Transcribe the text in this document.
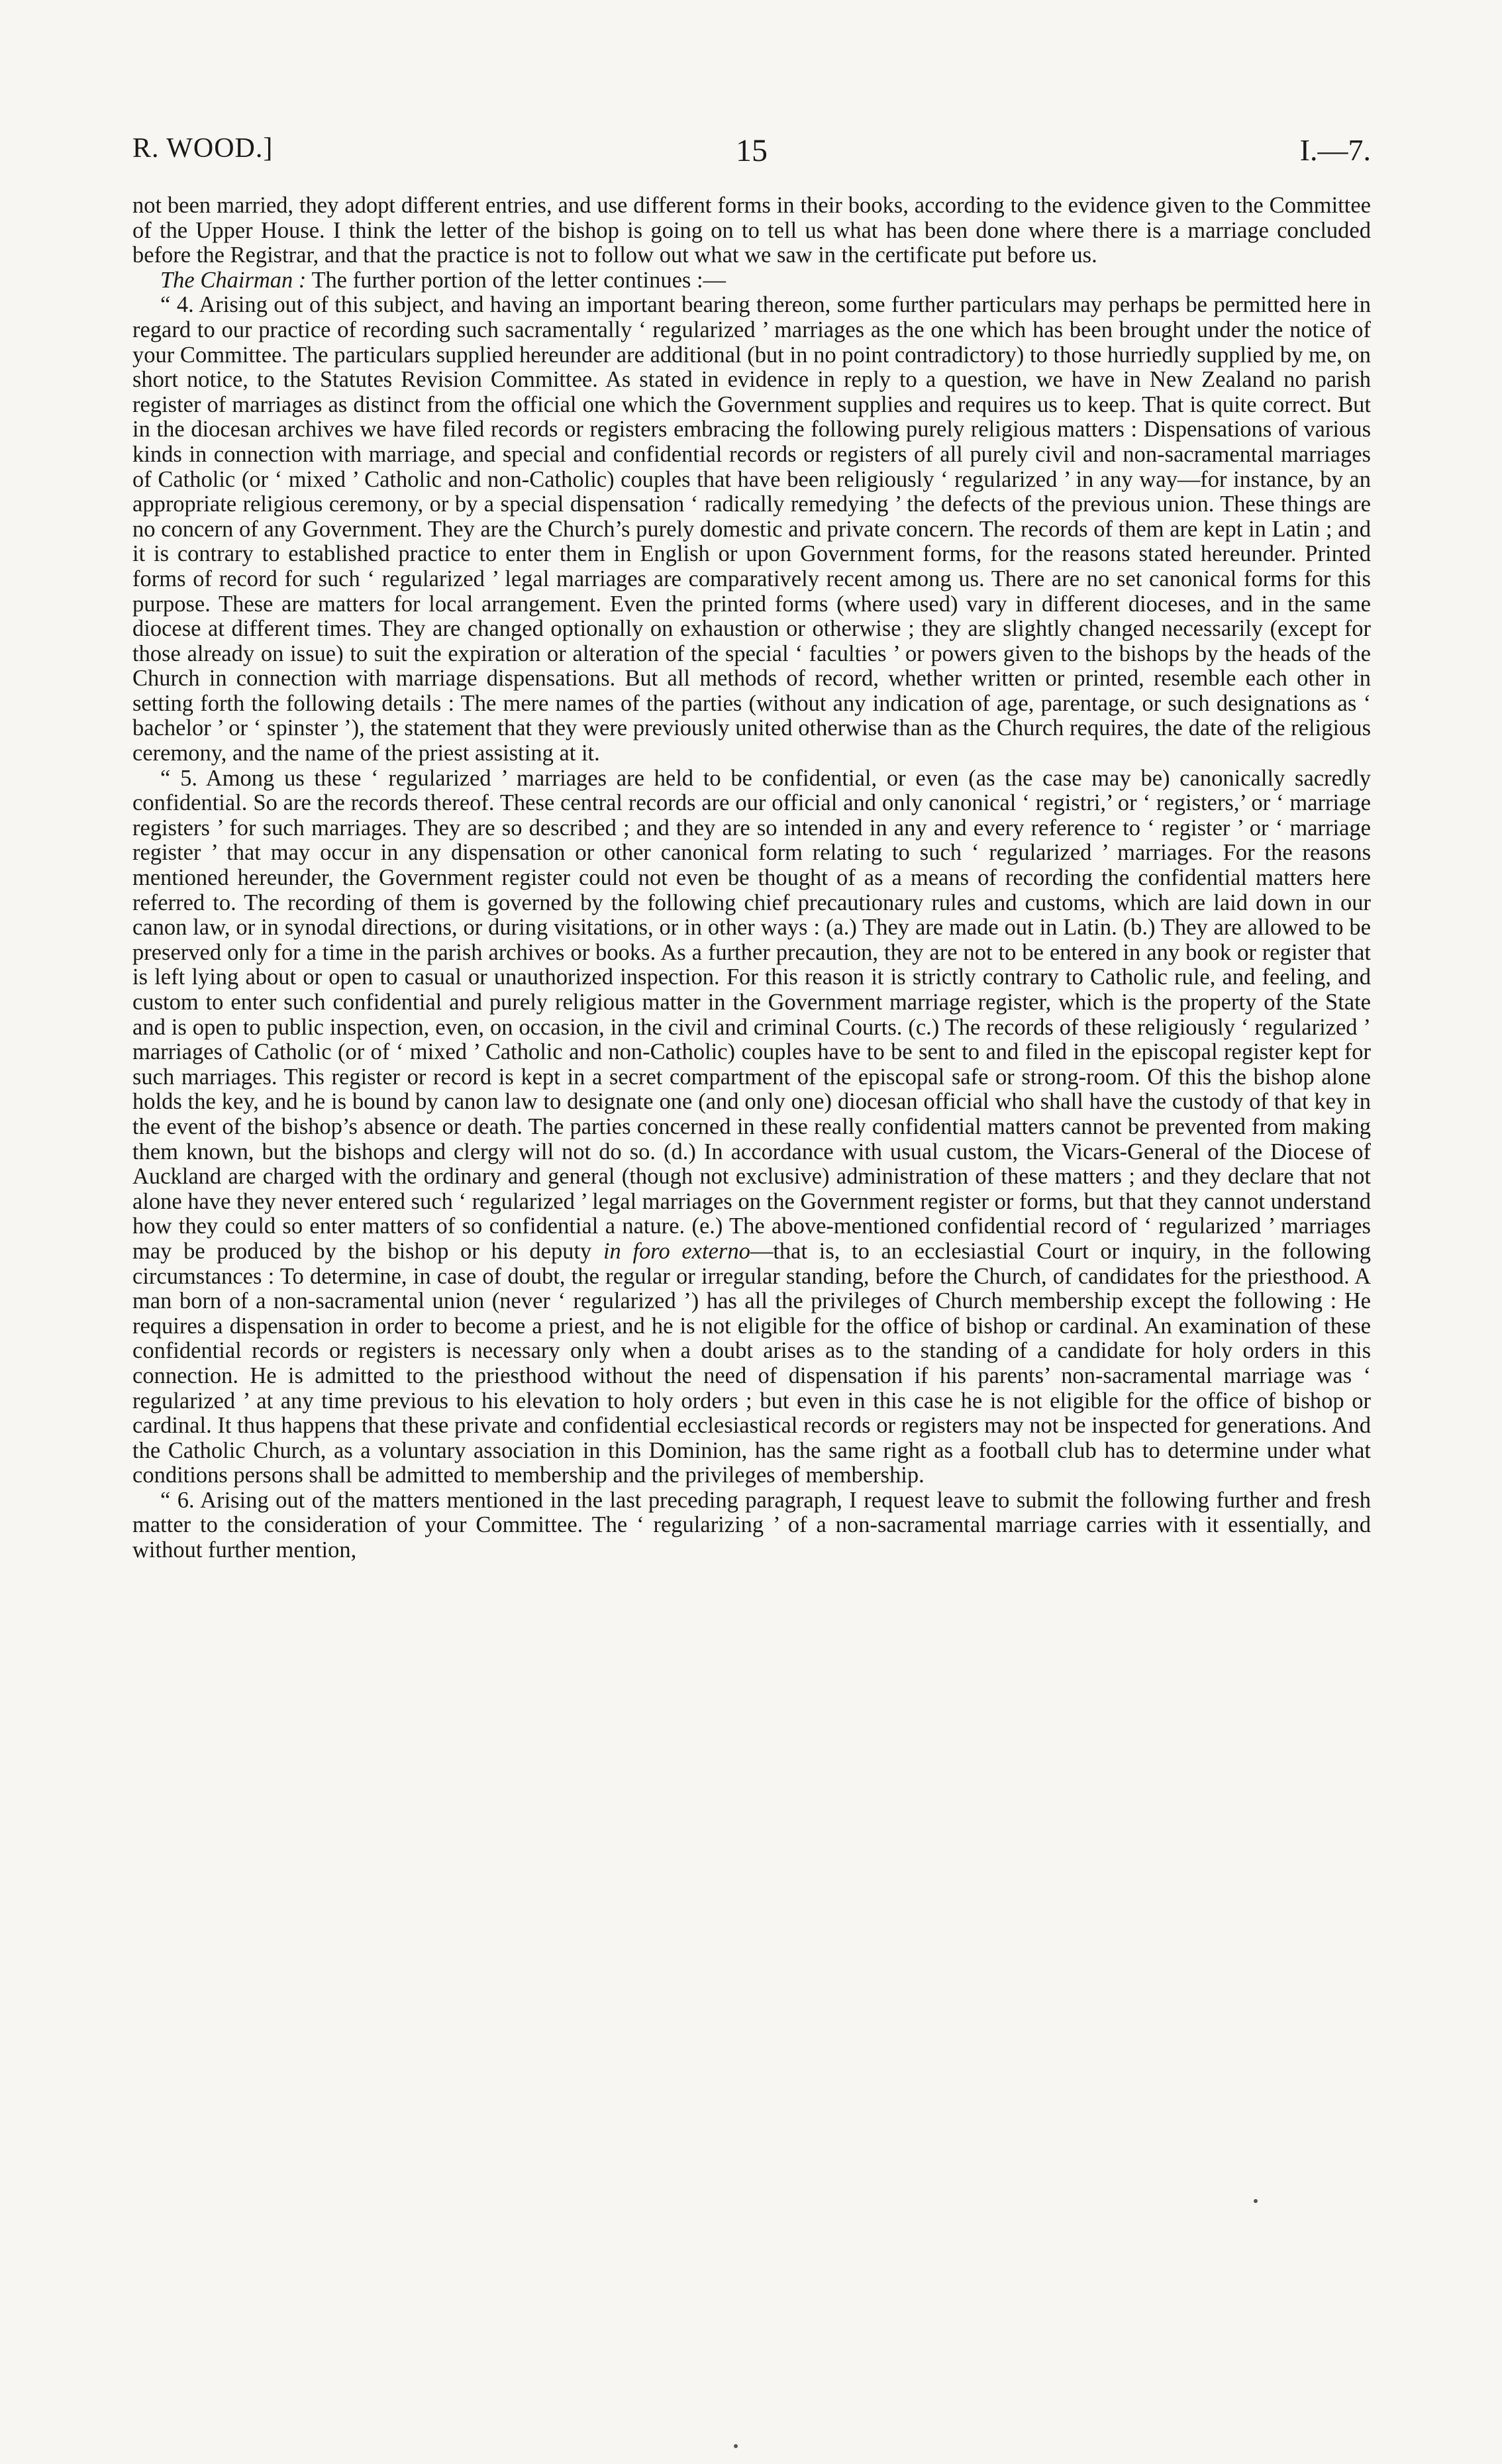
R. WOOD.]	15	I.—7.

not been married, they adopt different entries, and use different forms in their books, according to the evidence given to the Committee of the Upper House. I think the letter of the bishop is going on to tell us what has been done where there is a marriage concluded before the Registrar, and that the practice is not to follow out what we saw in the certificate put before us.

The Chairman : The further portion of the letter continues :—

“ 4. Arising out of this subject, and having an important bearing thereon, some further particulars may perhaps be permitted here in regard to our practice of recording such sacramentally ‘ regularized ’ marriages as the one which has been brought under the notice of your Committee. The particulars supplied hereunder are additional (but in no point contradictory) to those hurriedly supplied by me, on short notice, to the Statutes Revision Committee. As stated in evidence in reply to a question, we have in New Zealand no parish register of marriages as distinct from the official one which the Government supplies and requires us to keep. That is quite correct. But in the diocesan archives we have filed records or registers embracing the following purely religious matters : Dispensations of various kinds in connection with marriage, and special and confidential records or registers of all purely civil and non-sacramental marriages of Catholic (or ‘ mixed ’ Catholic and non-Catholic) couples that have been religiously ‘ regularized ’ in any way—for instance, by an appropriate religious ceremony, or by a special dispensation ‘ radically remedying ’ the defects of the previous union. These things are no concern of any Government. They are the Church’s purely domestic and private concern. The records of them are kept in Latin ; and it is contrary to established practice to enter them in English or upon Government forms, for the reasons stated hereunder. Printed forms of record for such ‘ regularized ’ legal marriages are comparatively recent among us. There are no set canonical forms for this purpose. These are matters for local arrangement. Even the printed forms (where used) vary in different dioceses, and in the same diocese at different times. They are changed optionally on exhaustion or otherwise ; they are slightly changed necessarily (except for those already on issue) to suit the expiration or alteration of the special ‘ faculties ’ or powers given to the bishops by the heads of the Church in connection with marriage dispensations. But all methods of record, whether written or printed, resemble each other in setting forth the following details : The mere names of the parties (without any indication of age, parentage, or such designations as ‘ bachelor ’ or ‘ spinster ’), the statement that they were previously united otherwise than as the Church requires, the date of the religious ceremony, and the name of the priest assisting at it.

“ 5. Among us these ‘ regularized ’ marriages are held to be confidential, or even (as the case may be) canonically sacredly confidential. So are the records thereof. These central records are our official and only canonical ‘ registri,’ or ‘ registers,’ or ‘ marriage registers ’ for such marriages. They are so described ; and they are so intended in any and every reference to ‘ register ’ or ‘ marriage register ’ that may occur in any dispensation or other canonical form relating to such ‘ regularized ’ marriages. For the reasons mentioned hereunder, the Government register could not even be thought of as a means of recording the confidential matters here referred to. The recording of them is governed by the following chief precautionary rules and customs, which are laid down in our canon law, or in synodal directions, or during visitations, or in other ways : (a.) They are made out in Latin. (b.) They are allowed to be preserved only for a time in the parish archives or books. As a further precaution, they are not to be entered in any book or register that is left lying about or open to casual or unauthorized inspection. For this reason it is strictly contrary to Catholic rule, and feeling, and custom to enter such confidential and purely religious matter in the Government marriage register, which is the property of the State and is open to public inspection, even, on occasion, in the civil and criminal Courts. (c.) The records of these religiously ‘ regularized ’ marriages of Catholic (or of ‘ mixed ’ Catholic and non-Catholic) couples have to be sent to and filed in the episcopal register kept for such marriages. This register or record is kept in a secret compartment of the episcopal safe or strong-room. Of this the bishop alone holds the key, and he is bound by canon law to designate one (and only one) diocesan official who shall have the custody of that key in the event of the bishop’s absence or death. The parties concerned in these really confidential matters cannot be prevented from making them known, but the bishops and clergy will not do so. (d.) In accordance with usual custom, the Vicars-General of the Diocese of Auckland are charged with the ordinary and general (though not exclusive) administration of these matters ; and they declare that not alone have they never entered such ‘ regularized ’ legal marriages on the Government register or forms, but that they cannot understand how they could so enter matters of so confidential a nature. (e.) The above-mentioned confidential record of ‘ regularized ’ marriages may be produced by the bishop or his deputy in foro externo—that is, to an ecclesiastial Court or inquiry, in the following circumstances : To determine, in case of doubt, the regular or irregular standing, before the Church, of candidates for the priesthood. A man born of a non-sacramental union (never ‘ regularized ’) has all the privileges of Church membership except the following : He requires a dispensation in order to become a priest, and he is not eligible for the office of bishop or cardinal. An examination of these confidential records or registers is necessary only when a doubt arises as to the standing of a candidate for holy orders in this connection. He is admitted to the priesthood without the need of dispensation if his parents’ non-sacramental marriage was ‘ regularized ’ at any time previous to his elevation to holy orders ; but even in this case he is not eligible for the office of bishop or cardinal. It thus happens that these private and confidential ecclesiastical records or registers may not be inspected for generations. And the Catholic Church, as a voluntary association in this Dominion, has the same right as a football club has to determine under what conditions persons shall be admitted to membership and the privileges of membership.

“ 6. Arising out of the matters mentioned in the last preceding paragraph, I request leave to submit the following further and fresh matter to the consideration of your Committee. The ‘ regularizing ’ of a non-sacramental marriage carries with it essentially, and without further mention,
